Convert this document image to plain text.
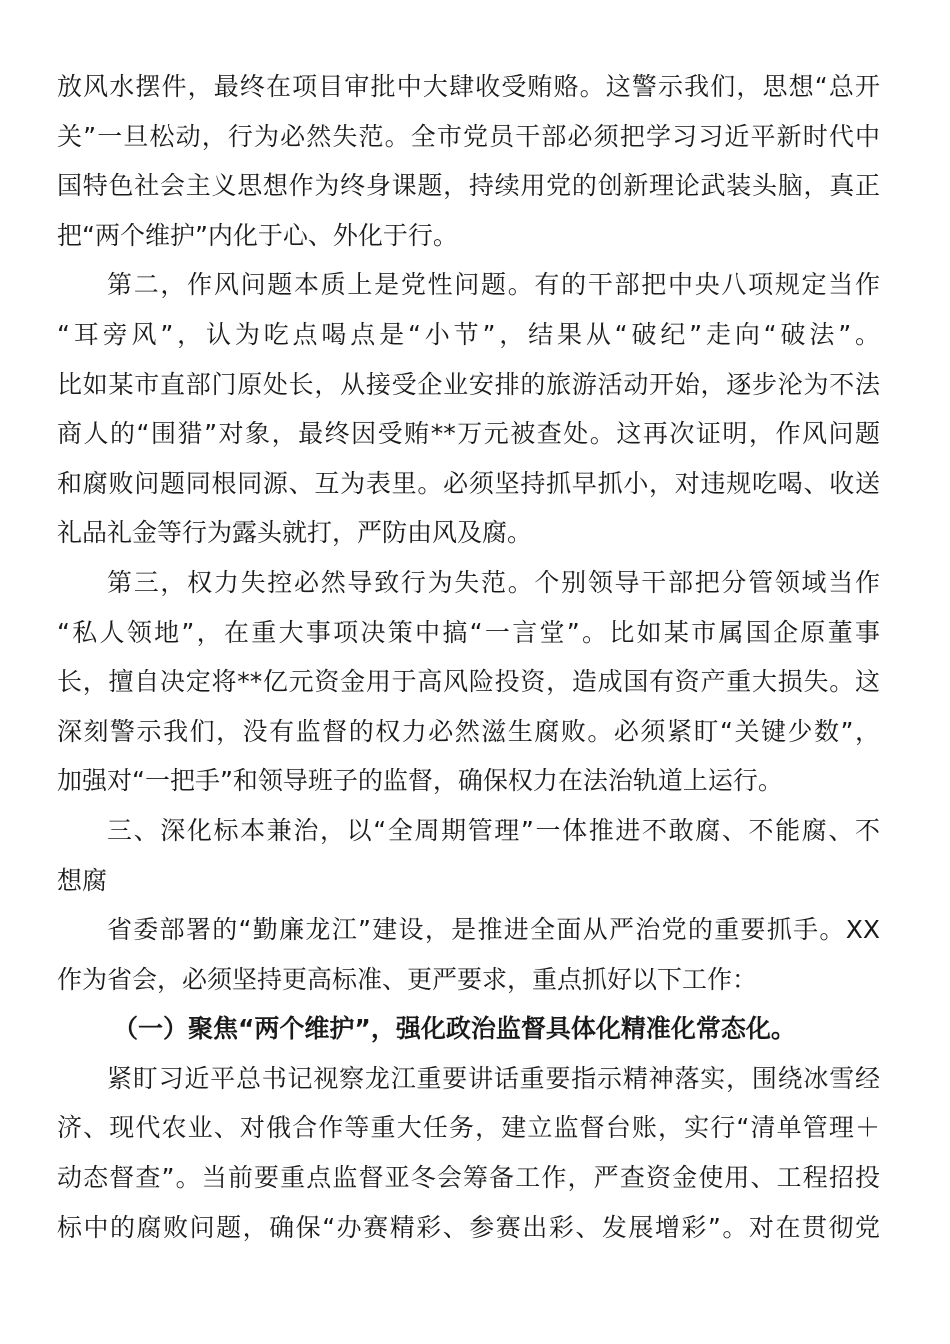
放风水摆件，最终在项目审批中大肆收受贿赂。这警示我们，思想“总开
关”一旦松动，行为必然失范。全市党员干部必须把学习习近平新时代中
国特色社会主义思想作为终身课题，持续用党的创新理论武装头脑，真正
把“两个维护”内化于心、外化于行。
第二，作风问题本质上是党性问题。有的干部把中央八项规定当作
“耳旁风”，认为吃点喝点是“小节”，结果从“破纪”走向“破法”。
比如某市直部门原处长，从接受企业安排的旅游活动开始，逐步沦为不法
商人的“围猎”对象，最终因受贿**万元被查处。这再次证明，作风问题
和腐败问题同根同源、互为表里。必须坚持抓早抓小，对违规吃喝、收送
礼品礼金等行为露头就打，严防由风及腐。
第三，权力失控必然导致行为失范。个别领导干部把分管领域当作
“私人领地”，在重大事项决策中搞“一言堂”。比如某市属国企原董事
长，擅自决定将**亿元资金用于高风险投资，造成国有资产重大损失。这
深刻警示我们，没有监督的权力必然滋生腐败。必须紧盯“关键少数”，
加强对“一把手”和领导班子的监督，确保权力在法治轨道上运行。
三、深化标本兼治，以“全周期管理”一体推进不敢腐、不能腐、不
想腐
省委部署的“勤廉龙江”建设，是推进全面从严治党的重要抓手。XX
作为省会，必须坚持更高标准、更严要求，重点抓好以下工作：
（一）聚焦“两个维护”，强化政治监督具体化精准化常态化。
紧盯习近平总书记视察龙江重要讲话重要指示精神落实，围绕冰雪经
济、现代农业、对俄合作等重大任务，建立监督台账，实行“清单管理＋
动态督查”。当前要重点监督亚冬会筹备工作，严查资金使用、工程招投
标中的腐败问题，确保“办赛精彩、参赛出彩、发展增彩”。对在贯彻党
